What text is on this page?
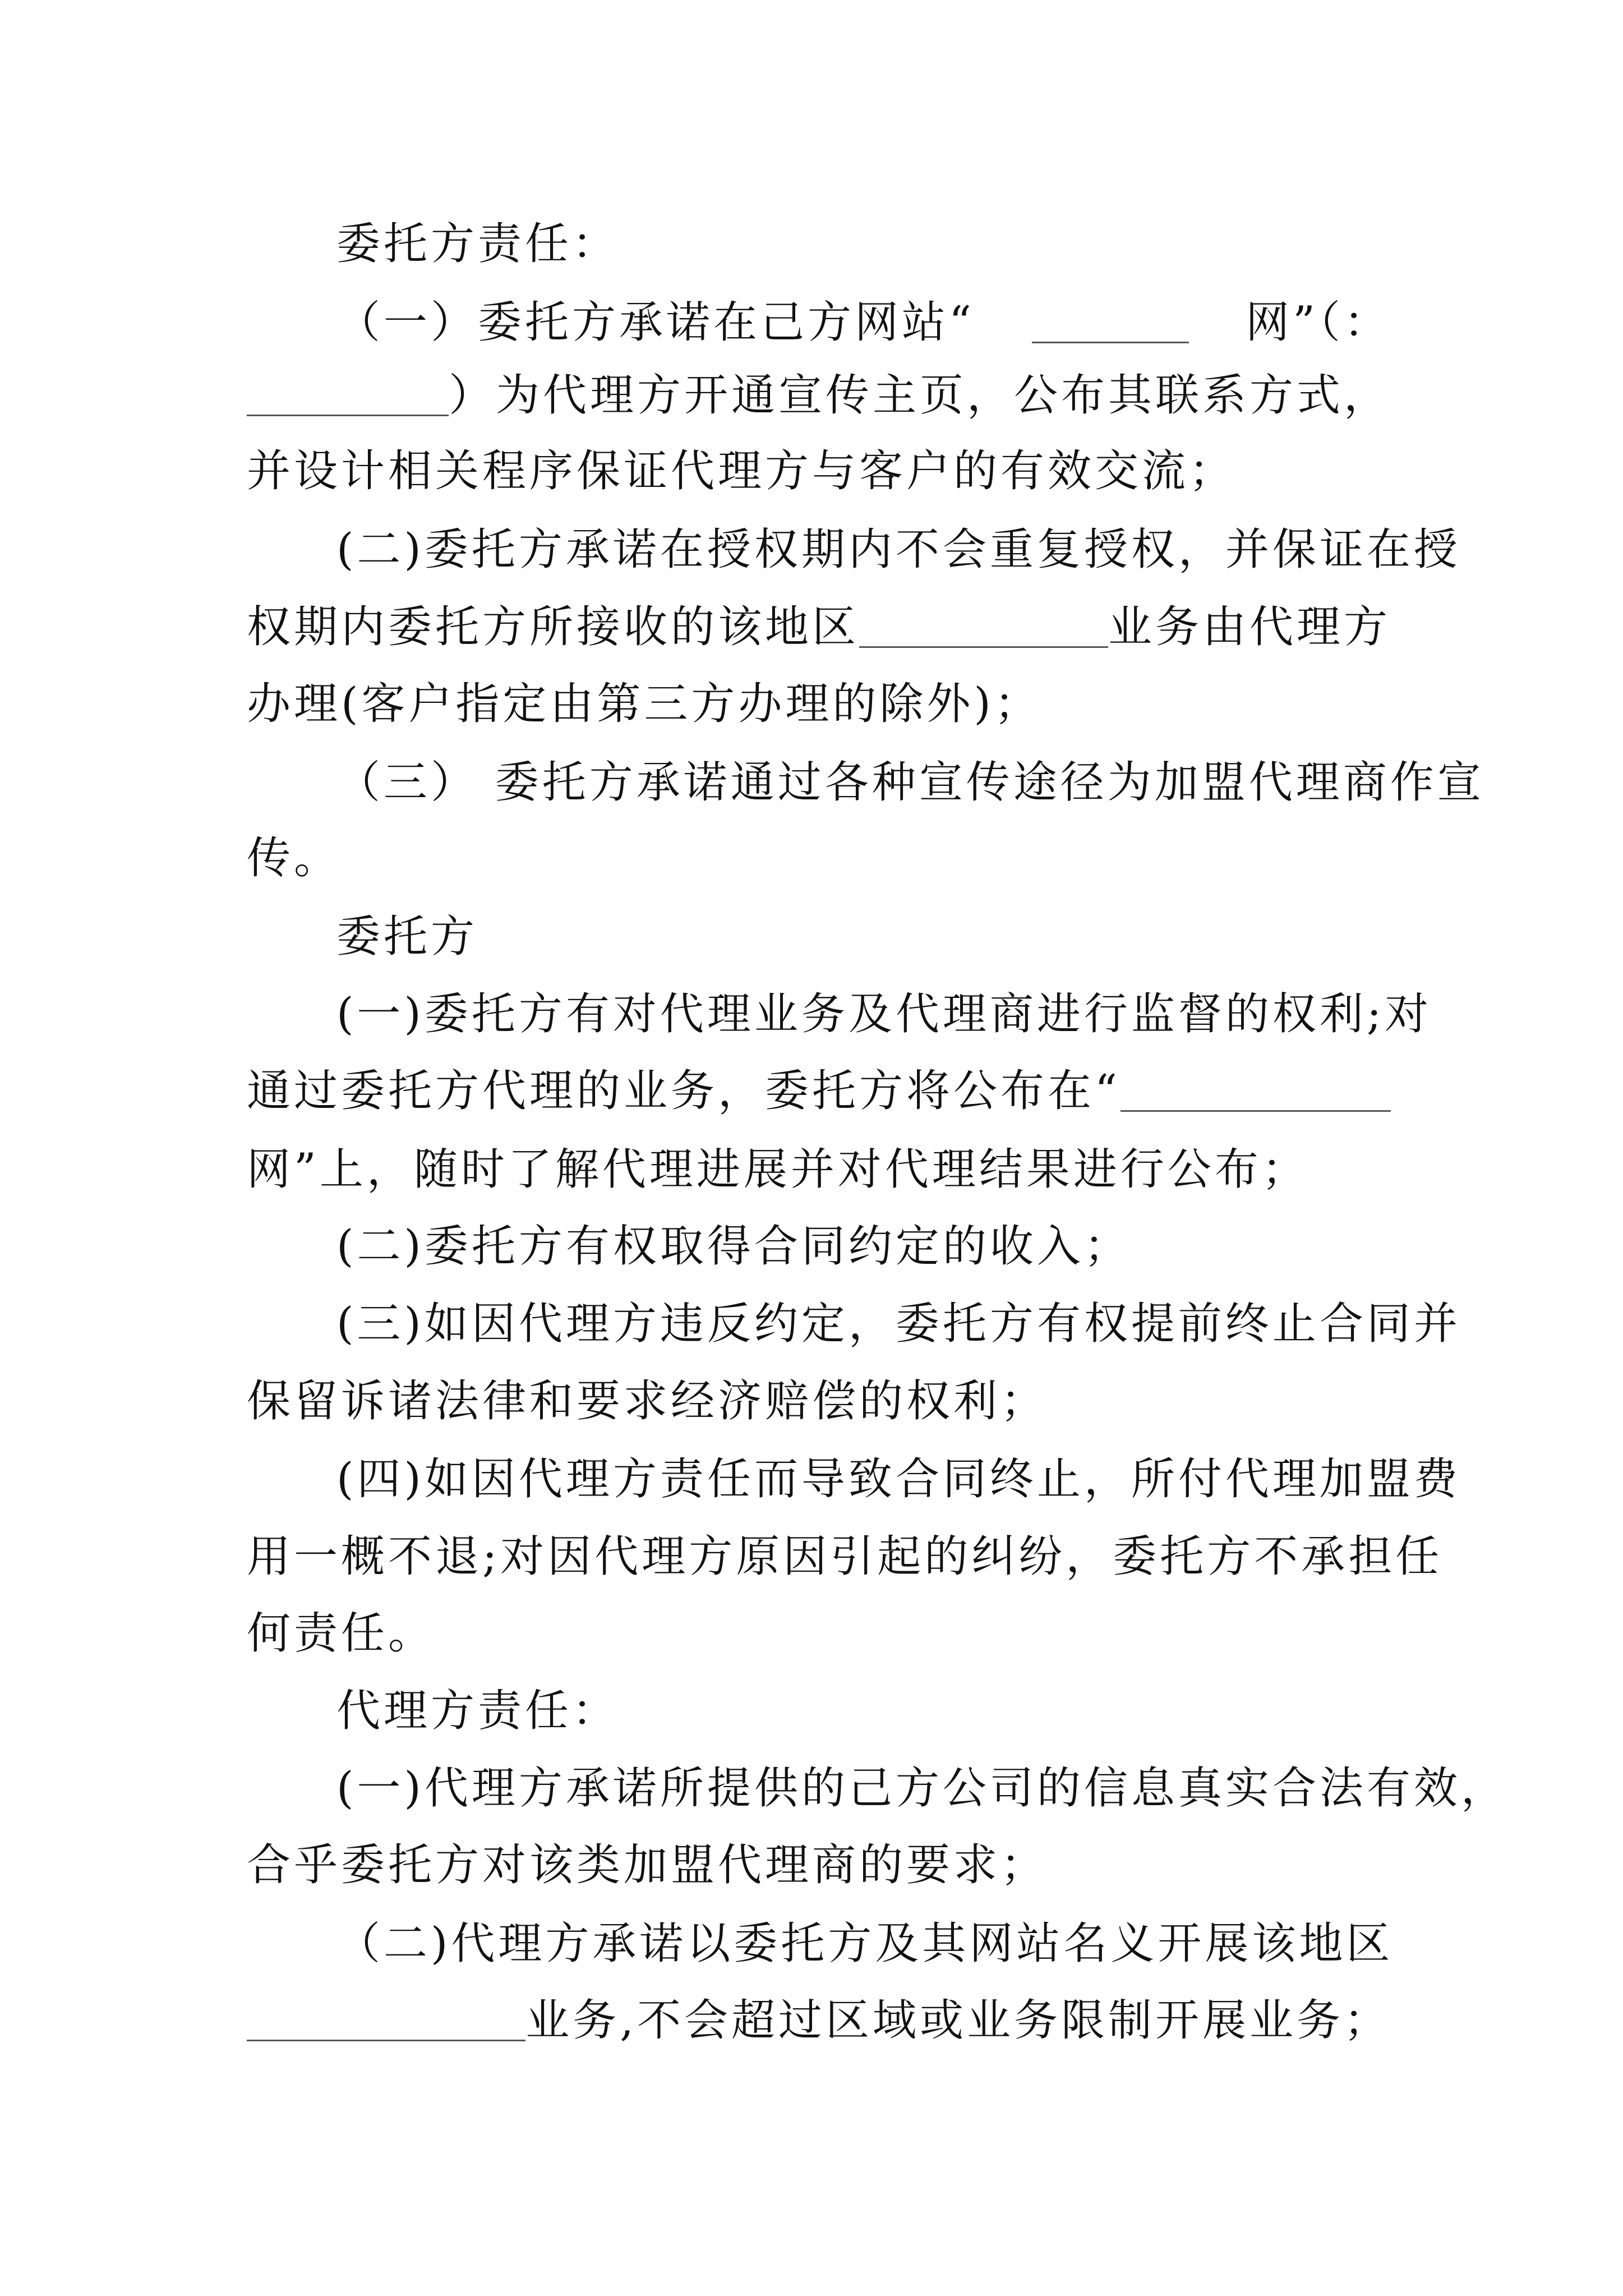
委托方责任：
（一）委托方承诺在己方网站“	网”（：
）为代理方开通宣传主页，公布其联系方式，
并设计相关程序保证代理方与客户的有效交流；
(二)委托方承诺在授权期内不会重复授权，并保证在授
权期内委托方所接收的该地区	业务由代理方
办理(客户指定由第三方办理的除外)；
（三） 委托方承诺通过各种宣传途径为加盟代理商作宣
传。
委托方
(一)委托方有对代理业务及代理商进行监督的权利;对
通过委托方代理的业务，委托方将公布在“
网”上，随时了解代理进展并对代理结果进行公布；
(二)委托方有权取得合同约定的收入；
(三)如因代理方违反约定，委托方有权提前终止合同并
保留诉诸法律和要求经济赔偿的权利；
(四)如因代理方责任而导致合同终止，所付代理加盟费
用一概不退;对因代理方原因引起的纠纷，委托方不承担任
何责任。
代理方责任：
(一)代理方承诺所提供的己方公司的信息真实合法有效，
合乎委托方对该类加盟代理商的要求；
（二)代理方承诺以委托方及其网站名义开展该地区
业务,不会超过区域或业务限制开展业务；
